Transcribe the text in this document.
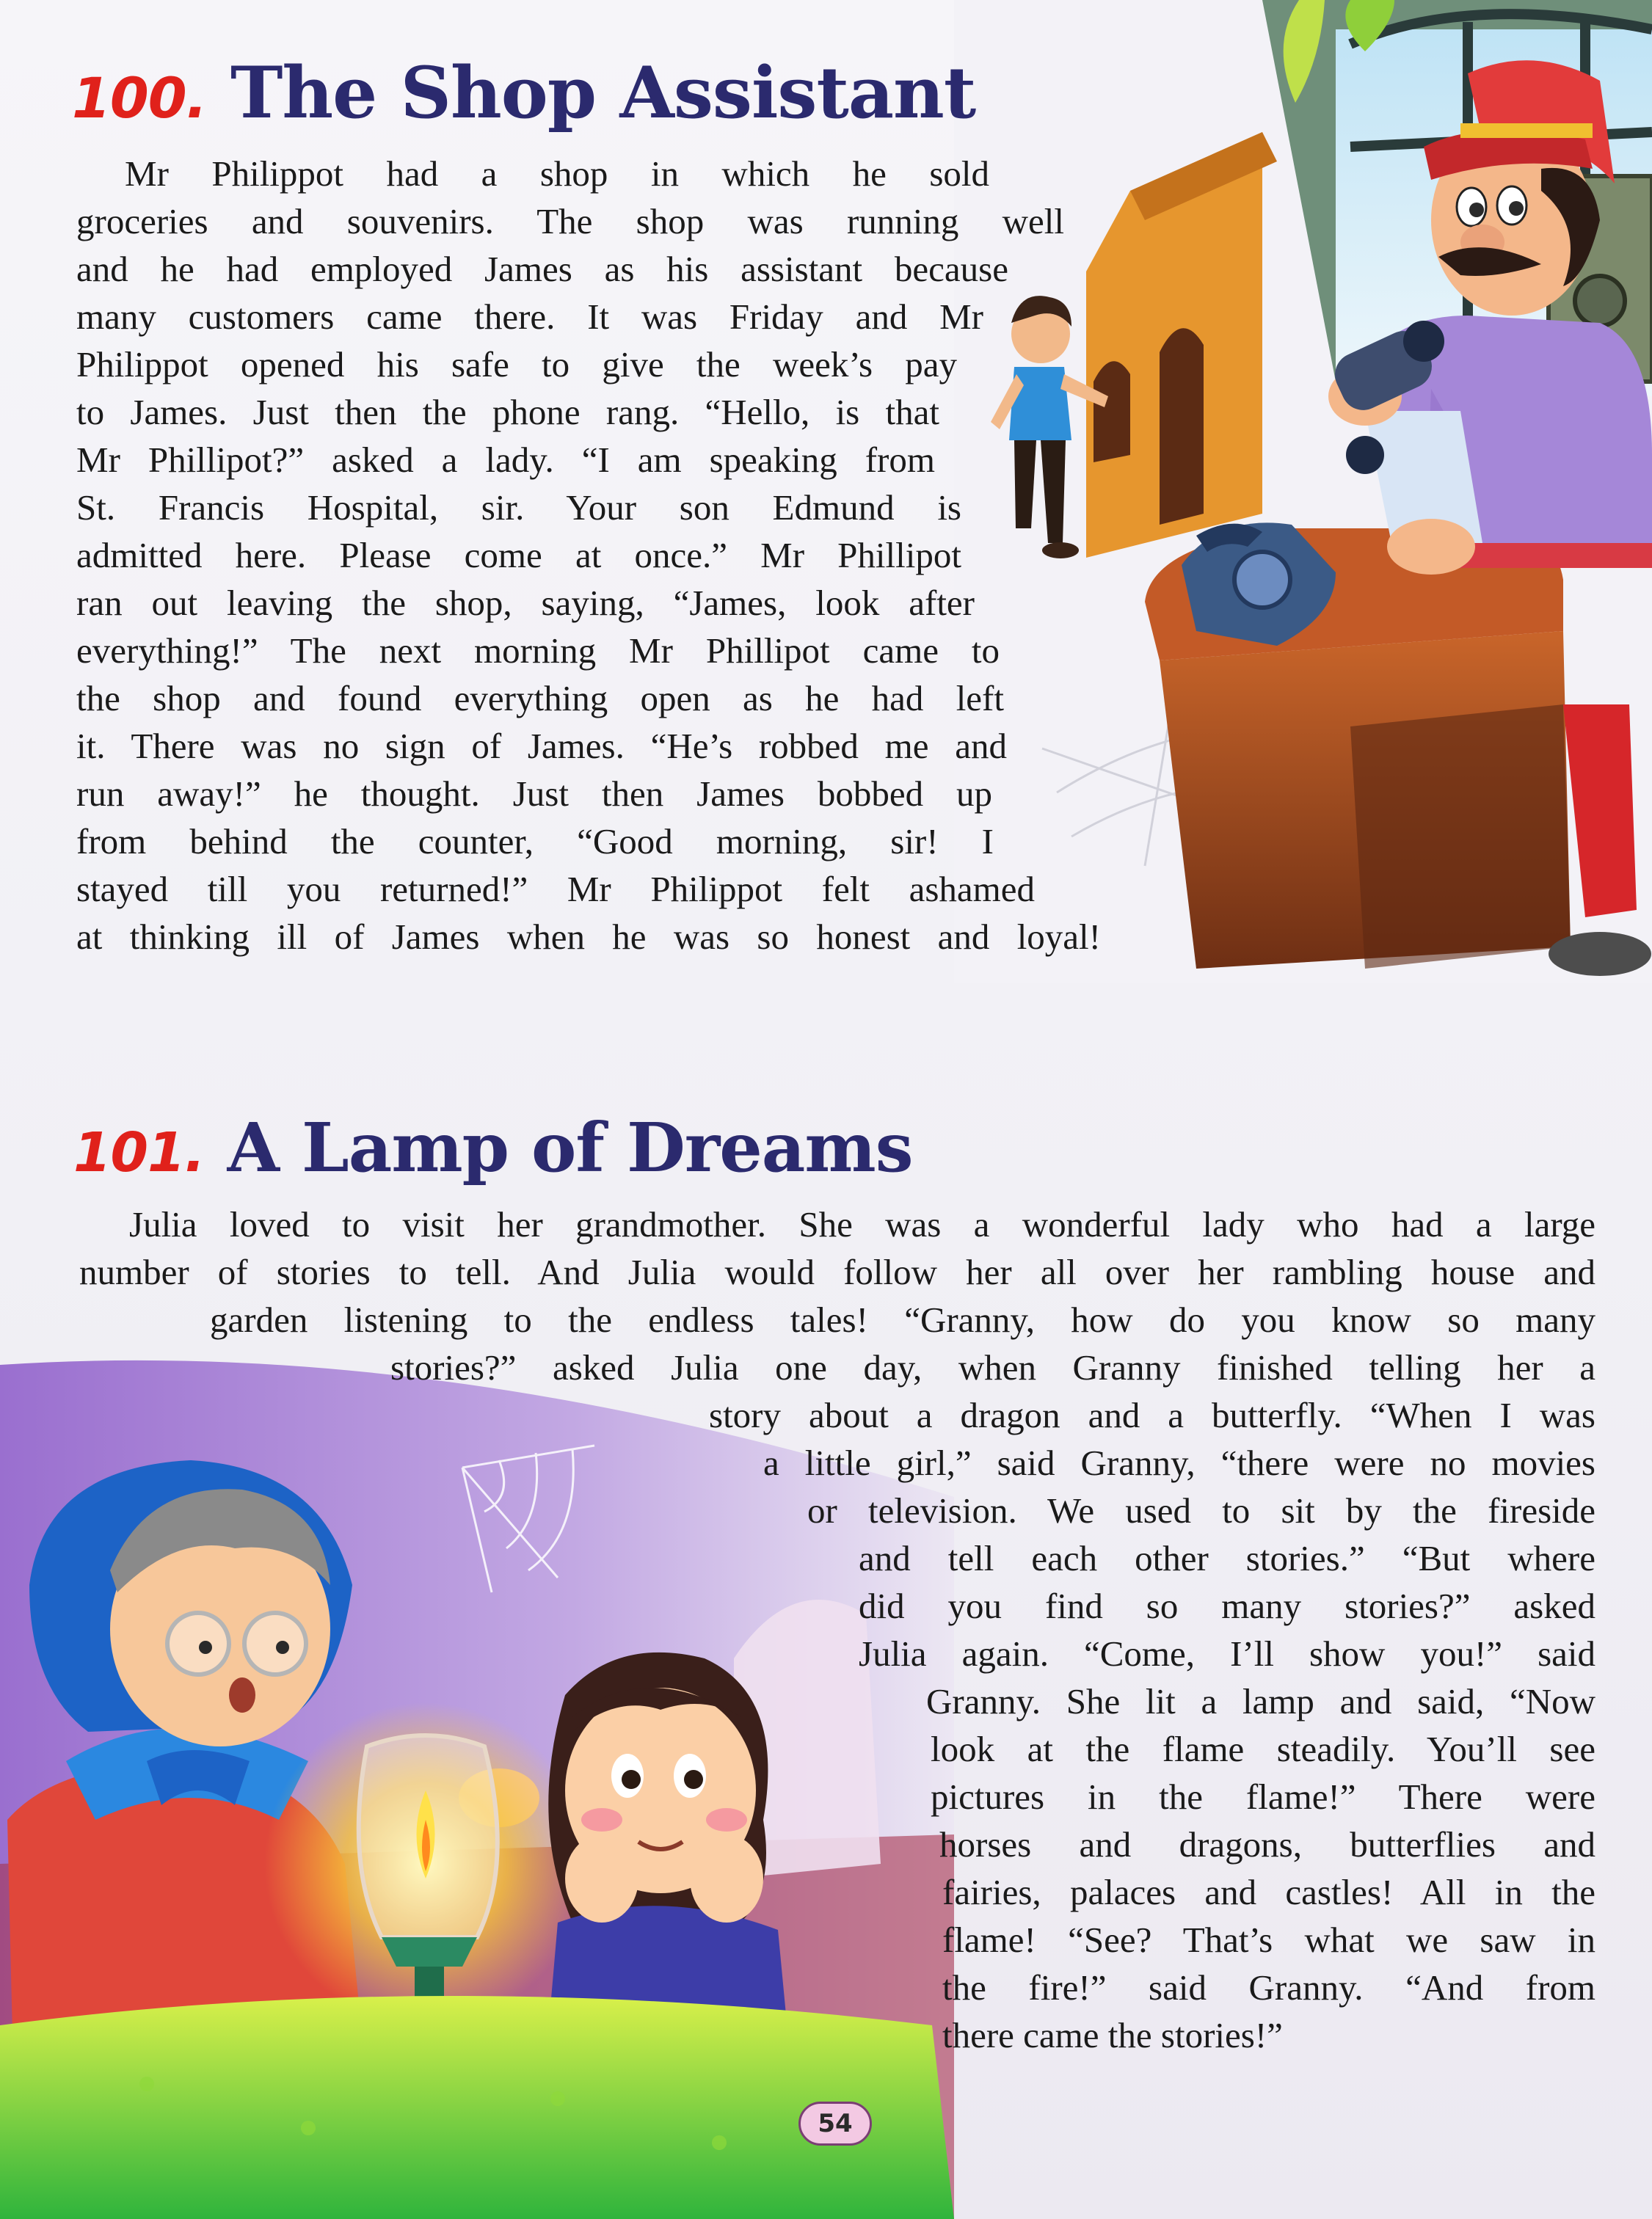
100. The Shop Assistant

Mr Philippot had a shop in which he sold

groceries and souvenirs. The shop was running well

and he had employed James as his assistant because

many customers came there. It was Friday and Mr

Philippot opened his safe to give the week’s pay

to James. Just then the phone rang. “Hello, is that

Mr Phillipot?” asked a lady. “I am speaking from

St. Francis Hospital, sir. Your son Edmund is

admitted here. Please come at once.” Mr Phillipot

ran out leaving the shop, saying, “James, look after

everything!” The next morning Mr Phillipot came to

the shop and found everything open as he had left

it. There was no sign of James. “He’s robbed me and

run away!” he thought. Just then James bobbed up

from behind the counter, “Good morning, sir! I

stayed till you returned!” Mr Philippot felt ashamed

at thinking ill of James when he was so honest and loyal!

101. A Lamp of Dreams

Julia loved to visit her grandmother. She was a wonderful lady who had a large

number of stories to tell. And Julia would follow her all over her rambling house and

garden listening to the endless tales! “Granny, how do you know so many

stories?” asked Julia one day, when Granny finished telling her a

story about a dragon and a butterfly. “When I was

a little girl,” said Granny, “there were no movies

or television. We used to sit by the fireside

and tell each other stories.” “But where

did you find so many stories?” asked

Julia again. “Come, I’ll show you!” said

Granny. She lit a lamp and said, “Now

look at the flame steadily. You’ll see

pictures in the flame!” There were

horses and dragons, butterflies and

fairies, palaces and castles! All in the

flame! “See? That’s what we saw in

the fire!” said Granny. “And from

there came the stories!”

54
